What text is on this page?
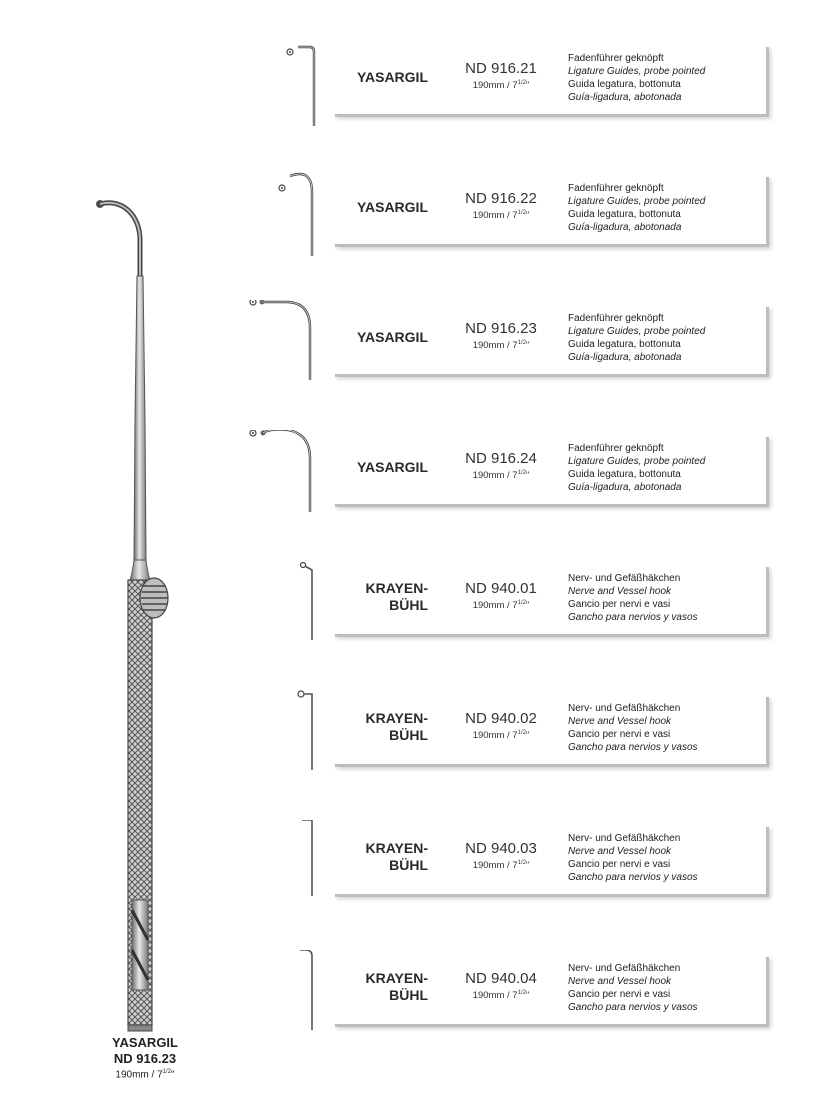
YASARGIL
ND 916.23
$190mm / 7^{1/2}$"
YASARGIL	ND 916.21
$190mm / 7^{1/2}$"
Fadenführer geknöpft
Ligature Guides, probe pointed
Guida legatura, bottonuta
Guía-ligadura, abotonada
YASARGIL	ND 916.22
$190mm / 7^{1/2}$"
Fadenführer geknöpft
Ligature Guides, probe pointed
Guida legatura, bottonuta
Guía-ligadura, abotonada
YASARGIL	ND 916.23
$190mm / 7^{1/2}$"
Fadenführer geknöpft
Ligature Guides, probe pointed
Guida legatura, bottonuta
Guía-ligadura, abotonada
YASARGIL	ND 916.24
$190mm / 7^{1/2}$"
Fadenführer geknöpft
Ligature Guides, probe pointed
Guida legatura, bottonuta
Guía-ligadura, abotonada
KRAYEN-
BÜHL
ND 940.01
$190mm / 7^{1/2}$"
Nerv- und Gefäßhäkchen
Nerve and Vessel hook
Gancio per nervi e vasi
Gancho para nervios y vasos
KRAYEN-
BÜHL
ND 940.02
$190mm / 7^{1/2}$"
Nerv- und Gefäßhäkchen
Nerve and Vessel hook
Gancio per nervi e vasi
Gancho para nervios y vasos
KRAYEN-
BÜHL
ND 940.03
$190mm / 7^{1/2}$"
Nerv- und Gefäßhäkchen
Nerve and Vessel hook
Gancio per nervi e vasi
Gancho para nervios y vasos
KRAYEN-
BÜHL
ND 940.04
$190mm / 7^{1/2}$"
Nerv- und Gefäßhäkchen
Nerve and Vessel hook
Gancio per nervi e vasi
Gancho para nervios y vasos
